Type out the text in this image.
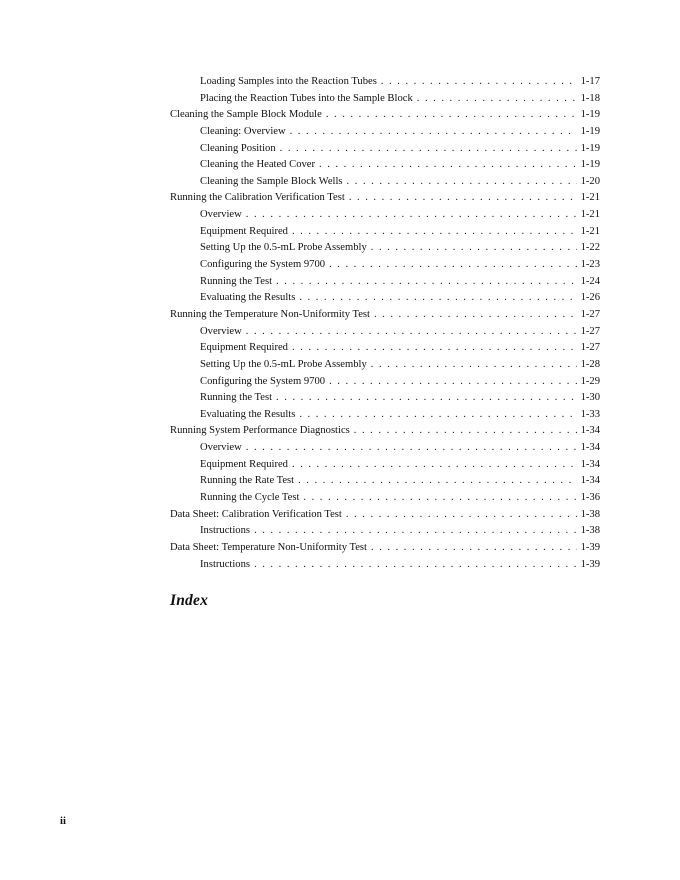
Loading Samples into the Reaction Tubes . . .	1-17
Placing the Reaction Tubes into the Sample Block . . .	1-18
Cleaning the Sample Block Module . . .	1-19
Cleaning: Overview . . .	1-19
Cleaning Position . . .	1-19
Cleaning the Heated Cover . . .	1-19
Cleaning the Sample Block Wells . . .	1-20
Running the Calibration Verification Test . . .	1-21
Overview . . .	1-21
Equipment Required . . .	1-21
Setting Up the 0.5-mL Probe Assembly . . .	1-22
Configuring the System 9700 . . .	1-23
Running the Test . . .	1-24
Evaluating the Results . . .	1-26
Running the Temperature Non-Uniformity Test . . .	1-27
Overview . . .	1-27
Equipment Required . . .	1-27
Setting Up the 0.5-mL Probe Assembly . . .	1-28
Configuring the System 9700 . . .	1-29
Running the Test . . .	1-30
Evaluating the Results . . .	1-33
Running System Performance Diagnostics . . .	1-34
Overview . . .	1-34
Equipment Required . . .	1-34
Running the Rate Test . . .	1-34
Running the Cycle Test . . .	1-36
Data Sheet: Calibration Verification Test . . .	1-38
Instructions . . .	1-38
Data Sheet: Temperature Non-Uniformity Test . . .	1-39
Instructions . . .	1-39
Index
ii
